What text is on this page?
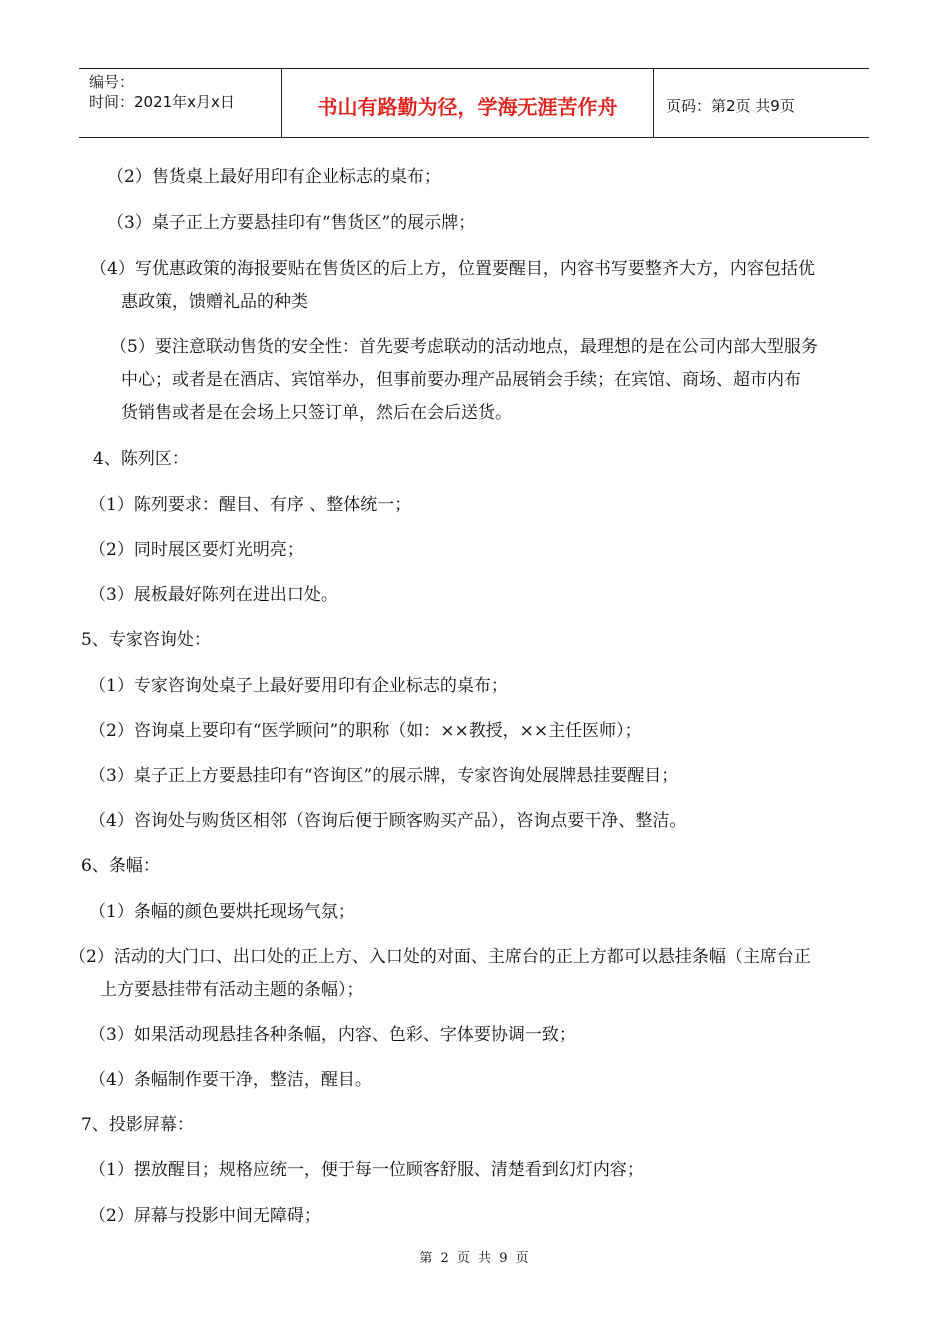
编号：
时间：2021年x月x日	书山有路勤为径，学海无涯苦作舟	页码：第2页 共9页
（2）售货桌上最好用印有企业标志的桌布；
（3）桌子正上方要悬挂印有“售货区”的展示牌；
（4）写优惠政策的海报要贴在售货区的后上方，位置要醒目，内容书写要整齐大方，内容包括优
惠政策，馈赠礼品的种类
（5）要注意联动售货的安全性：首先要考虑联动的活动地点，最理想的是在公司内部大型服务
中心；或者是在酒店、宾馆举办，但事前要办理产品展销会手续；在宾馆、商场、超市内布
货销售或者是在会场上只签订单，然后在会后送货。
4、陈列区：
（1）陈列要求：醒目、有序 、整体统一；
（2）同时展区要灯光明亮；
（3）展板最好陈列在进出口处。
5、专家咨询处：
（1）专家咨询处桌子上最好要用印有企业标志的桌布；
（2）咨询桌上要印有“医学顾问”的职称（如：××教授，××主任医师）；
（3）桌子正上方要悬挂印有“咨询区”的展示牌，专家咨询处展牌悬挂要醒目；
（4）咨询处与购货区相邻（咨询后便于顾客购买产品），咨询点要干净、整洁。
6、条幅：
（1）条幅的颜色要烘托现场气氛；
（2）活动的大门口、出口处的正上方、入口处的对面、主席台的正上方都可以悬挂条幅（主席台正
上方要悬挂带有活动主题的条幅）；
（3）如果活动现悬挂各种条幅，内容、色彩、字体要协调一致；
（4）条幅制作要干净，整洁，醒目。
7、投影屏幕：
（1）摆放醒目；规格应统一，便于每一位顾客舒服、清楚看到幻灯内容；
（2）屏幕与投影中间无障碍；
第 2 页 共 9 页
